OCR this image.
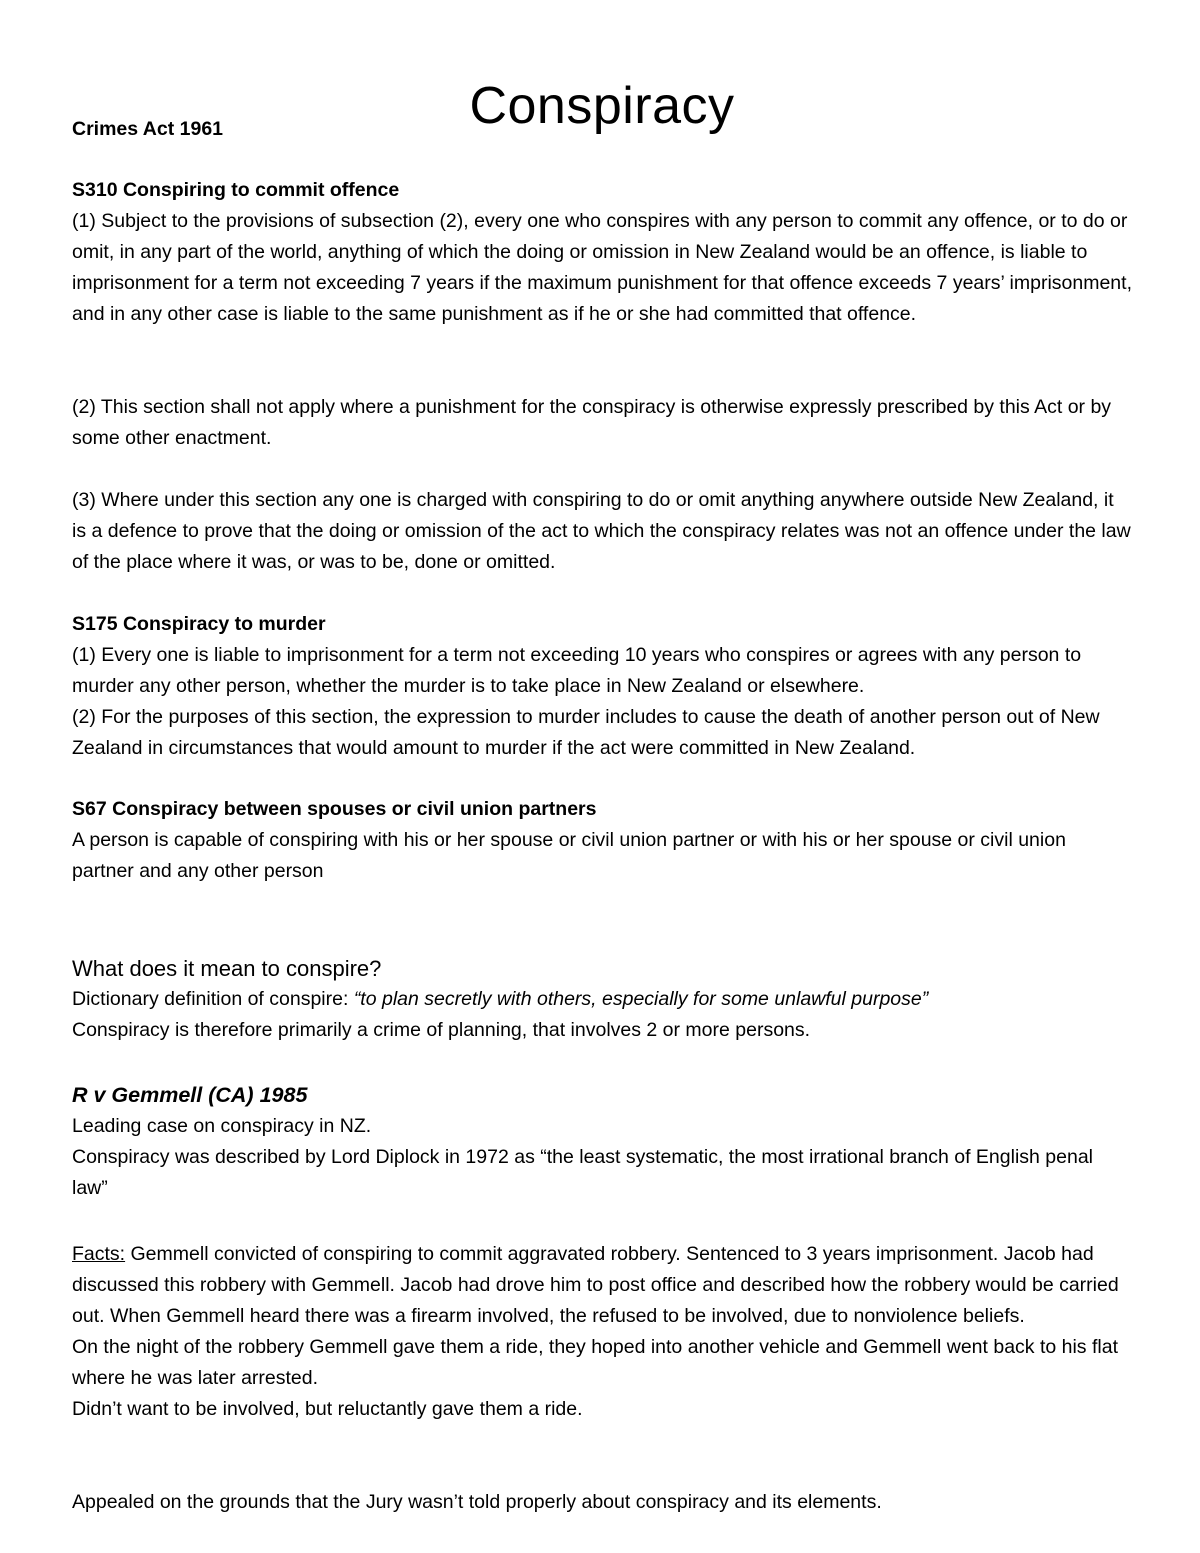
Conspiracy
Crimes Act 1961

S310 Conspiring to commit offence

(1) Subject to the provisions of subsection (2), every one who conspires with any person to commit any offence, or to do or omit, in any part of the world, anything of which the doing or omission in New Zealand would be an offence, is liable to imprisonment for a term not exceeding 7 years if the maximum punishment for that offence exceeds 7 years’ imprisonment, and in any other case is liable to the same punishment as if he or she had committed that offence.

(2) This section shall not apply where a punishment for the conspiracy is otherwise expressly prescribed by this Act or by some other enactment.
(3) Where under this section any one is charged with conspiring to do or omit anything anywhere outside New Zealand, it is a defence to prove that the doing or omission of the act to which the conspiracy relates was not an offence under the law of the place where it was, or was to be, done or omitted.

S175 Conspiracy to murder

(1) Every one is liable to imprisonment for a term not exceeding 10 years who conspires or agrees with any person to murder any other person, whether the murder is to take place in New Zealand or elsewhere.

(2) For the purposes of this section, the expression to murder includes to cause the death of another person out of New Zealand in circumstances that would amount to murder if the act were committed in New Zealand.

S67 Conspiracy between spouses or civil union partners

A person is capable of conspiring with his or her spouse or civil union partner or with his or her spouse or civil union partner and any other person

What does it mean to conspire?

Dictionary definition of conspire: “to plan secretly with others, especially for some unlawful purpose”

Conspiracy is therefore primarily a crime of planning, that involves 2 or more persons.

R v Gemmell (CA) 1985

Leading case on conspiracy in NZ.

Conspiracy was described by Lord Diplock in 1972 as “the least systematic, the most irrational branch of English penal law”

Facts: Gemmell convicted of conspiring to commit aggravated robbery. Sentenced to 3 years imprisonment. Jacob had discussed this robbery with Gemmell. Jacob had drove him to post office and described how the robbery would be carried out. When Gemmell heard there was a firearm involved, the refused to be involved, due to nonviolence beliefs.

On the night of the robbery Gemmell gave them a ride, they hoped into another vehicle and Gemmell went back to his flat where he was later arrested.

Didn’t want to be involved, but reluctantly gave them a ride.

Appealed on the grounds that the Jury wasn’t told properly about conspiracy and its elements.
